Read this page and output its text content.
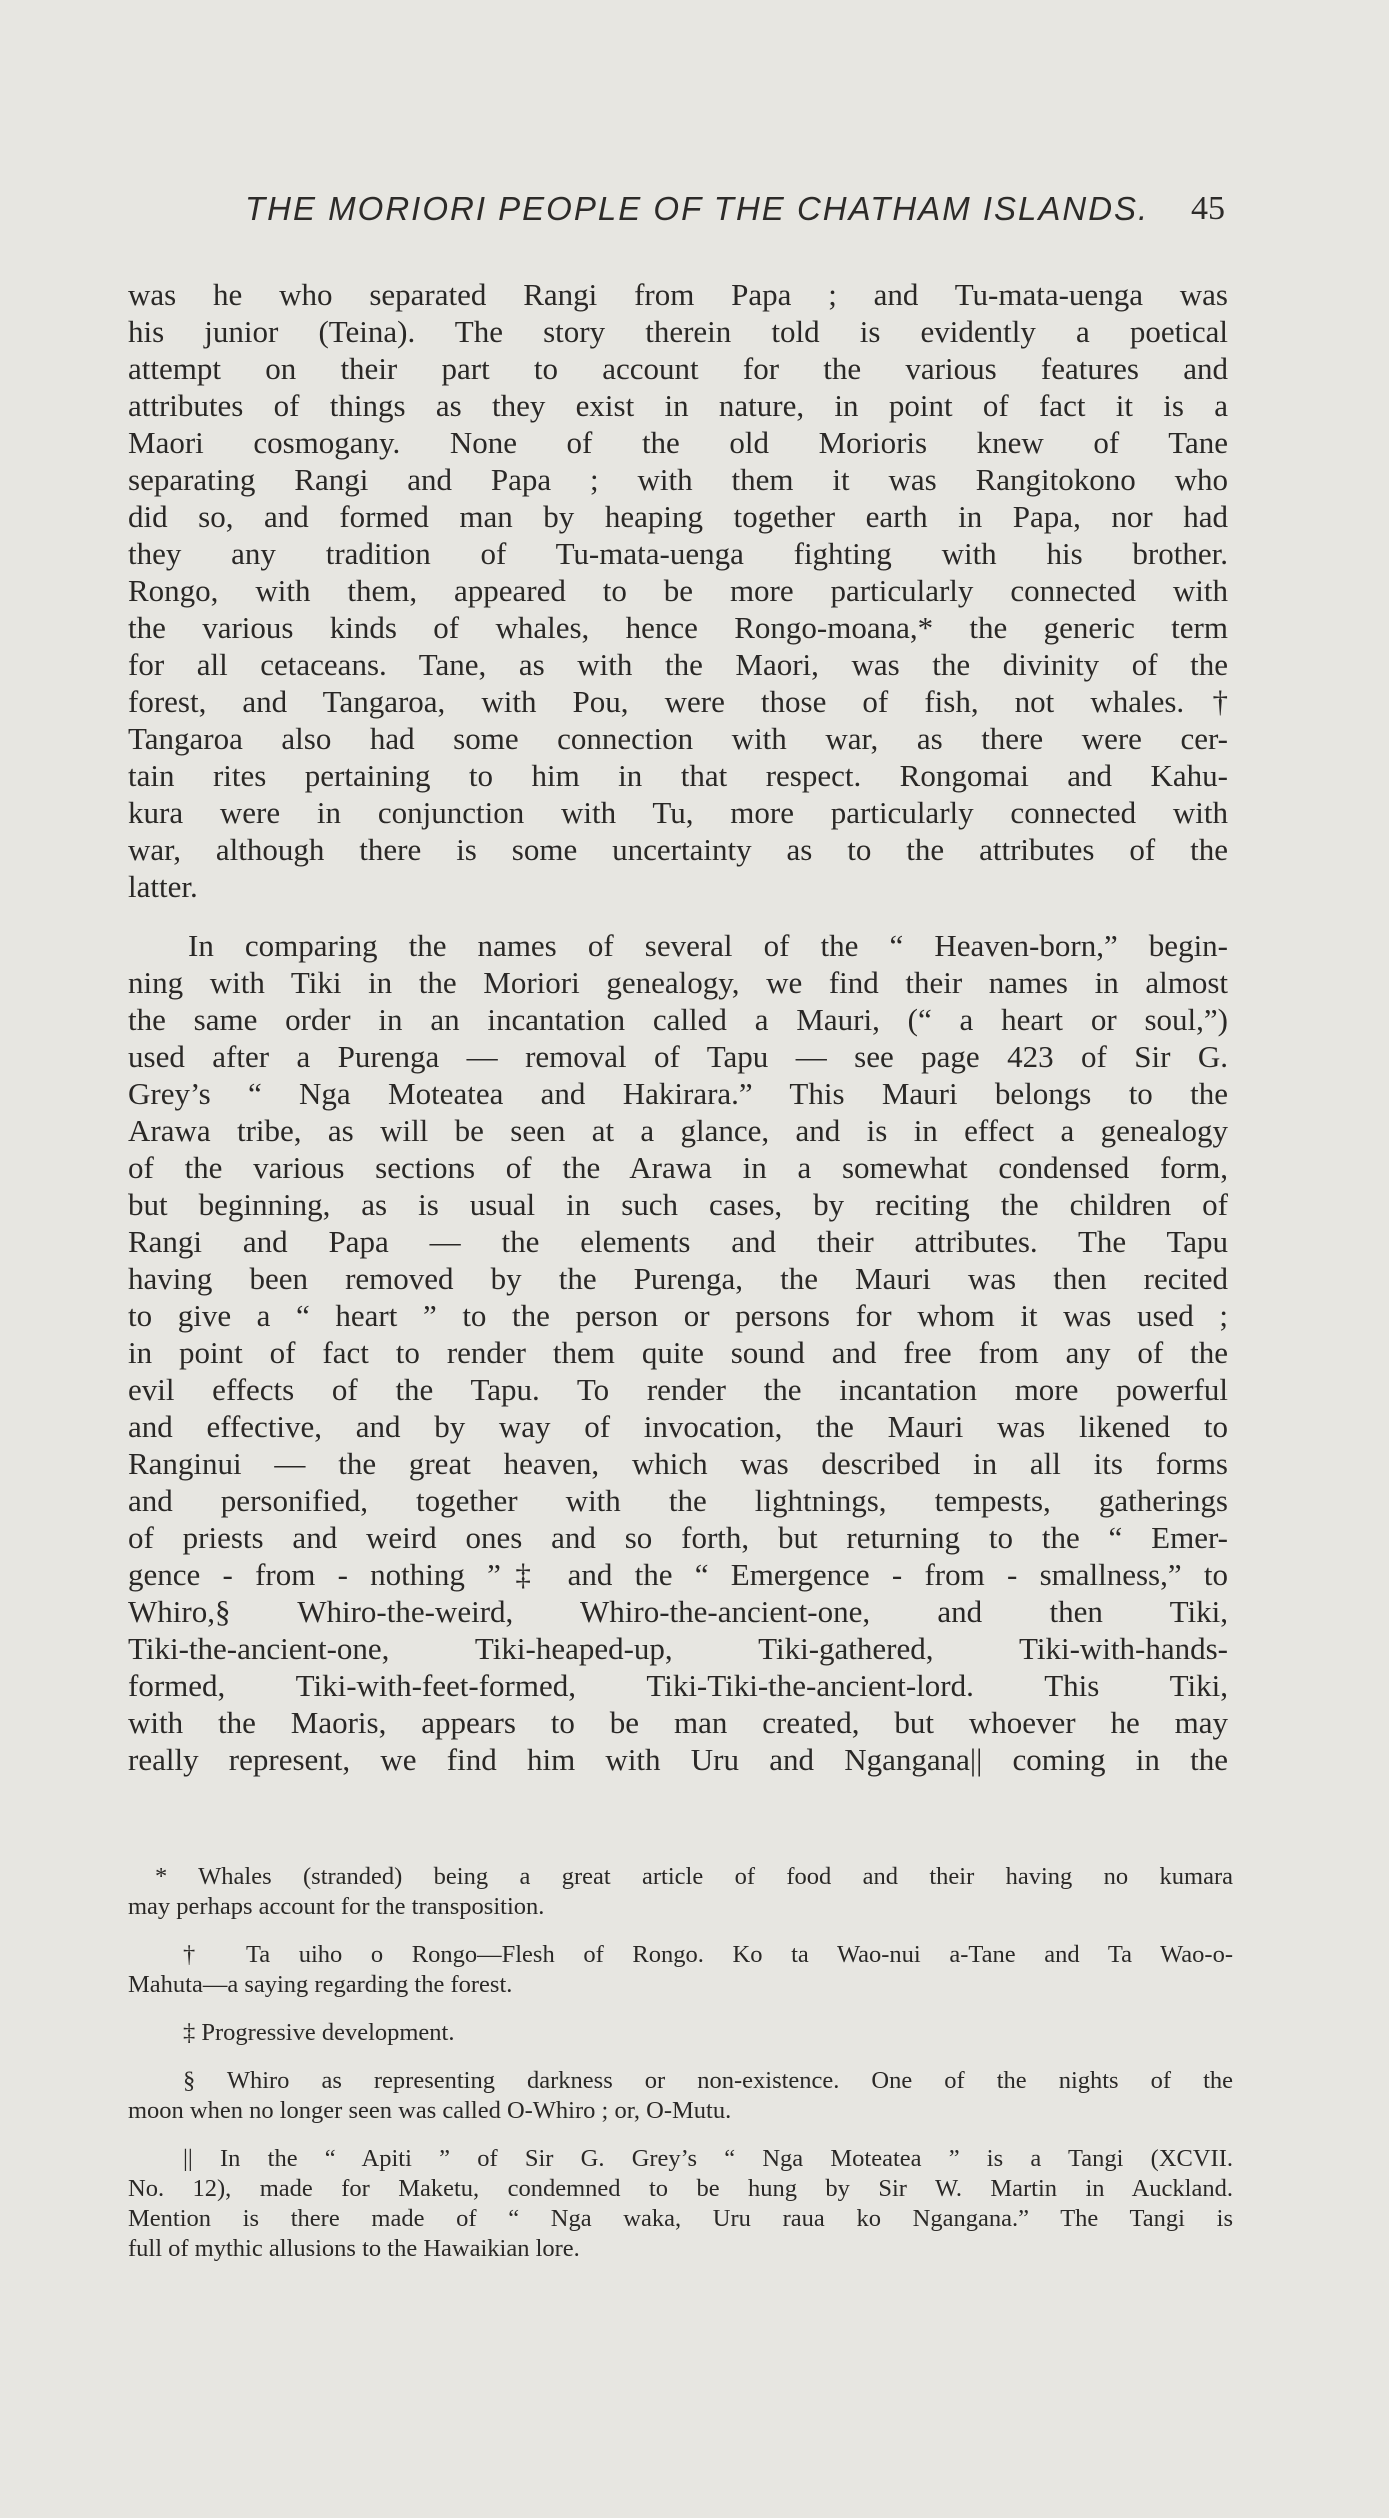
THE MORIORI PEOPLE OF THE CHATHAM ISLANDS. 45
was he who separated Rangi from Papa ; and Tu-mata-uenga was
his junior (Teina). The story therein told is evidently a poetical
attempt on their part to account for the various features and
attributes of things as they exist in nature, in point of fact it is a
Maori cosmogany. None of the old Morioris knew of Tane
separating Rangi and Papa ; with them it was Rangitokono who
did so, and formed man by heaping together earth in Papa, nor had
they any tradition of Tu-mata-uenga fighting with his brother.
Rongo, with them, appeared to be more particularly connected with
the various kinds of whales, hence Rongo-moana,* the generic term
for all cetaceans. Tane, as with the Maori, was the divinity of the
forest, and Tangaroa, with Pou, were those of fish, not whales.†
Tangaroa also had some connection with war, as there were cer-
tain rites pertaining to him in that respect. Rongomai and Kahu-
kura were in conjunction with Tu, more particularly connected with
war, although there is some uncertainty as to the attributes of the
latter.
In comparing the names of several of the “ Heaven-born,” begin-
ning with Tiki in the Moriori genealogy, we find their names in almost
the same order in an incantation called a Mauri, (“ a heart or soul,”)
used after a Purenga — removal of Tapu — see page 423 of Sir G.
Grey’s “ Nga Moteatea and Hakirara.” This Mauri belongs to the
Arawa tribe, as will be seen at a glance, and is in effect a genealogy
of the various sections of the Arawa in a somewhat condensed form,
but beginning, as is usual in such cases, by reciting the children of
Rangi and Papa — the elements and their attributes. The Tapu
having been removed by the Purenga, the Mauri was then recited
to give a “ heart ” to the person or persons for whom it was used ;
in point of fact to render them quite sound and free from any of the
evil effects of the Tapu. To render the incantation more powerful
and effective, and by way of invocation, the Mauri was likened to
Ranginui — the great heaven, which was described in all its forms
and personified, together with the lightnings, tempests, gatherings
of priests and weird ones and so forth, but returning to the “ Emer-
gence - from - nothing ”‡ and the “ Emergence - from - smallness,” to
Whiro,§ Whiro-the-weird, Whiro-the-ancient-one, and then Tiki,
Tiki-the-ancient-one, Tiki-heaped-up, Tiki-gathered, Tiki-with-hands-
formed, Tiki-with-feet-formed, Tiki-Tiki-the-ancient-lord. This Tiki,
with the Maoris, appears to be man created, but whoever he may
really represent, we find him with Uru and Ngangana|| coming in the
* Whales (stranded) being a great article of food and their having no kumara
may perhaps account for the transposition.
† Ta uiho o Rongo—Flesh of Rongo. Ko ta Wao-nui a-Tane and Ta Wao-o-
Mahuta—a saying regarding the forest.
‡ Progressive development.
§ Whiro as representing darkness or non-existence. One of the nights of the
moon when no longer seen was called O-Whiro ; or, O-Mutu.
|| In the “ Apiti ” of Sir G. Grey’s “ Nga Moteatea ” is a Tangi (XCVII.
No. 12), made for Maketu, condemned to be hung by Sir W. Martin in Auckland.
Mention is there made of “ Nga waka, Uru raua ko Ngangana.” The Tangi is
full of mythic allusions to the Hawaikian lore.
